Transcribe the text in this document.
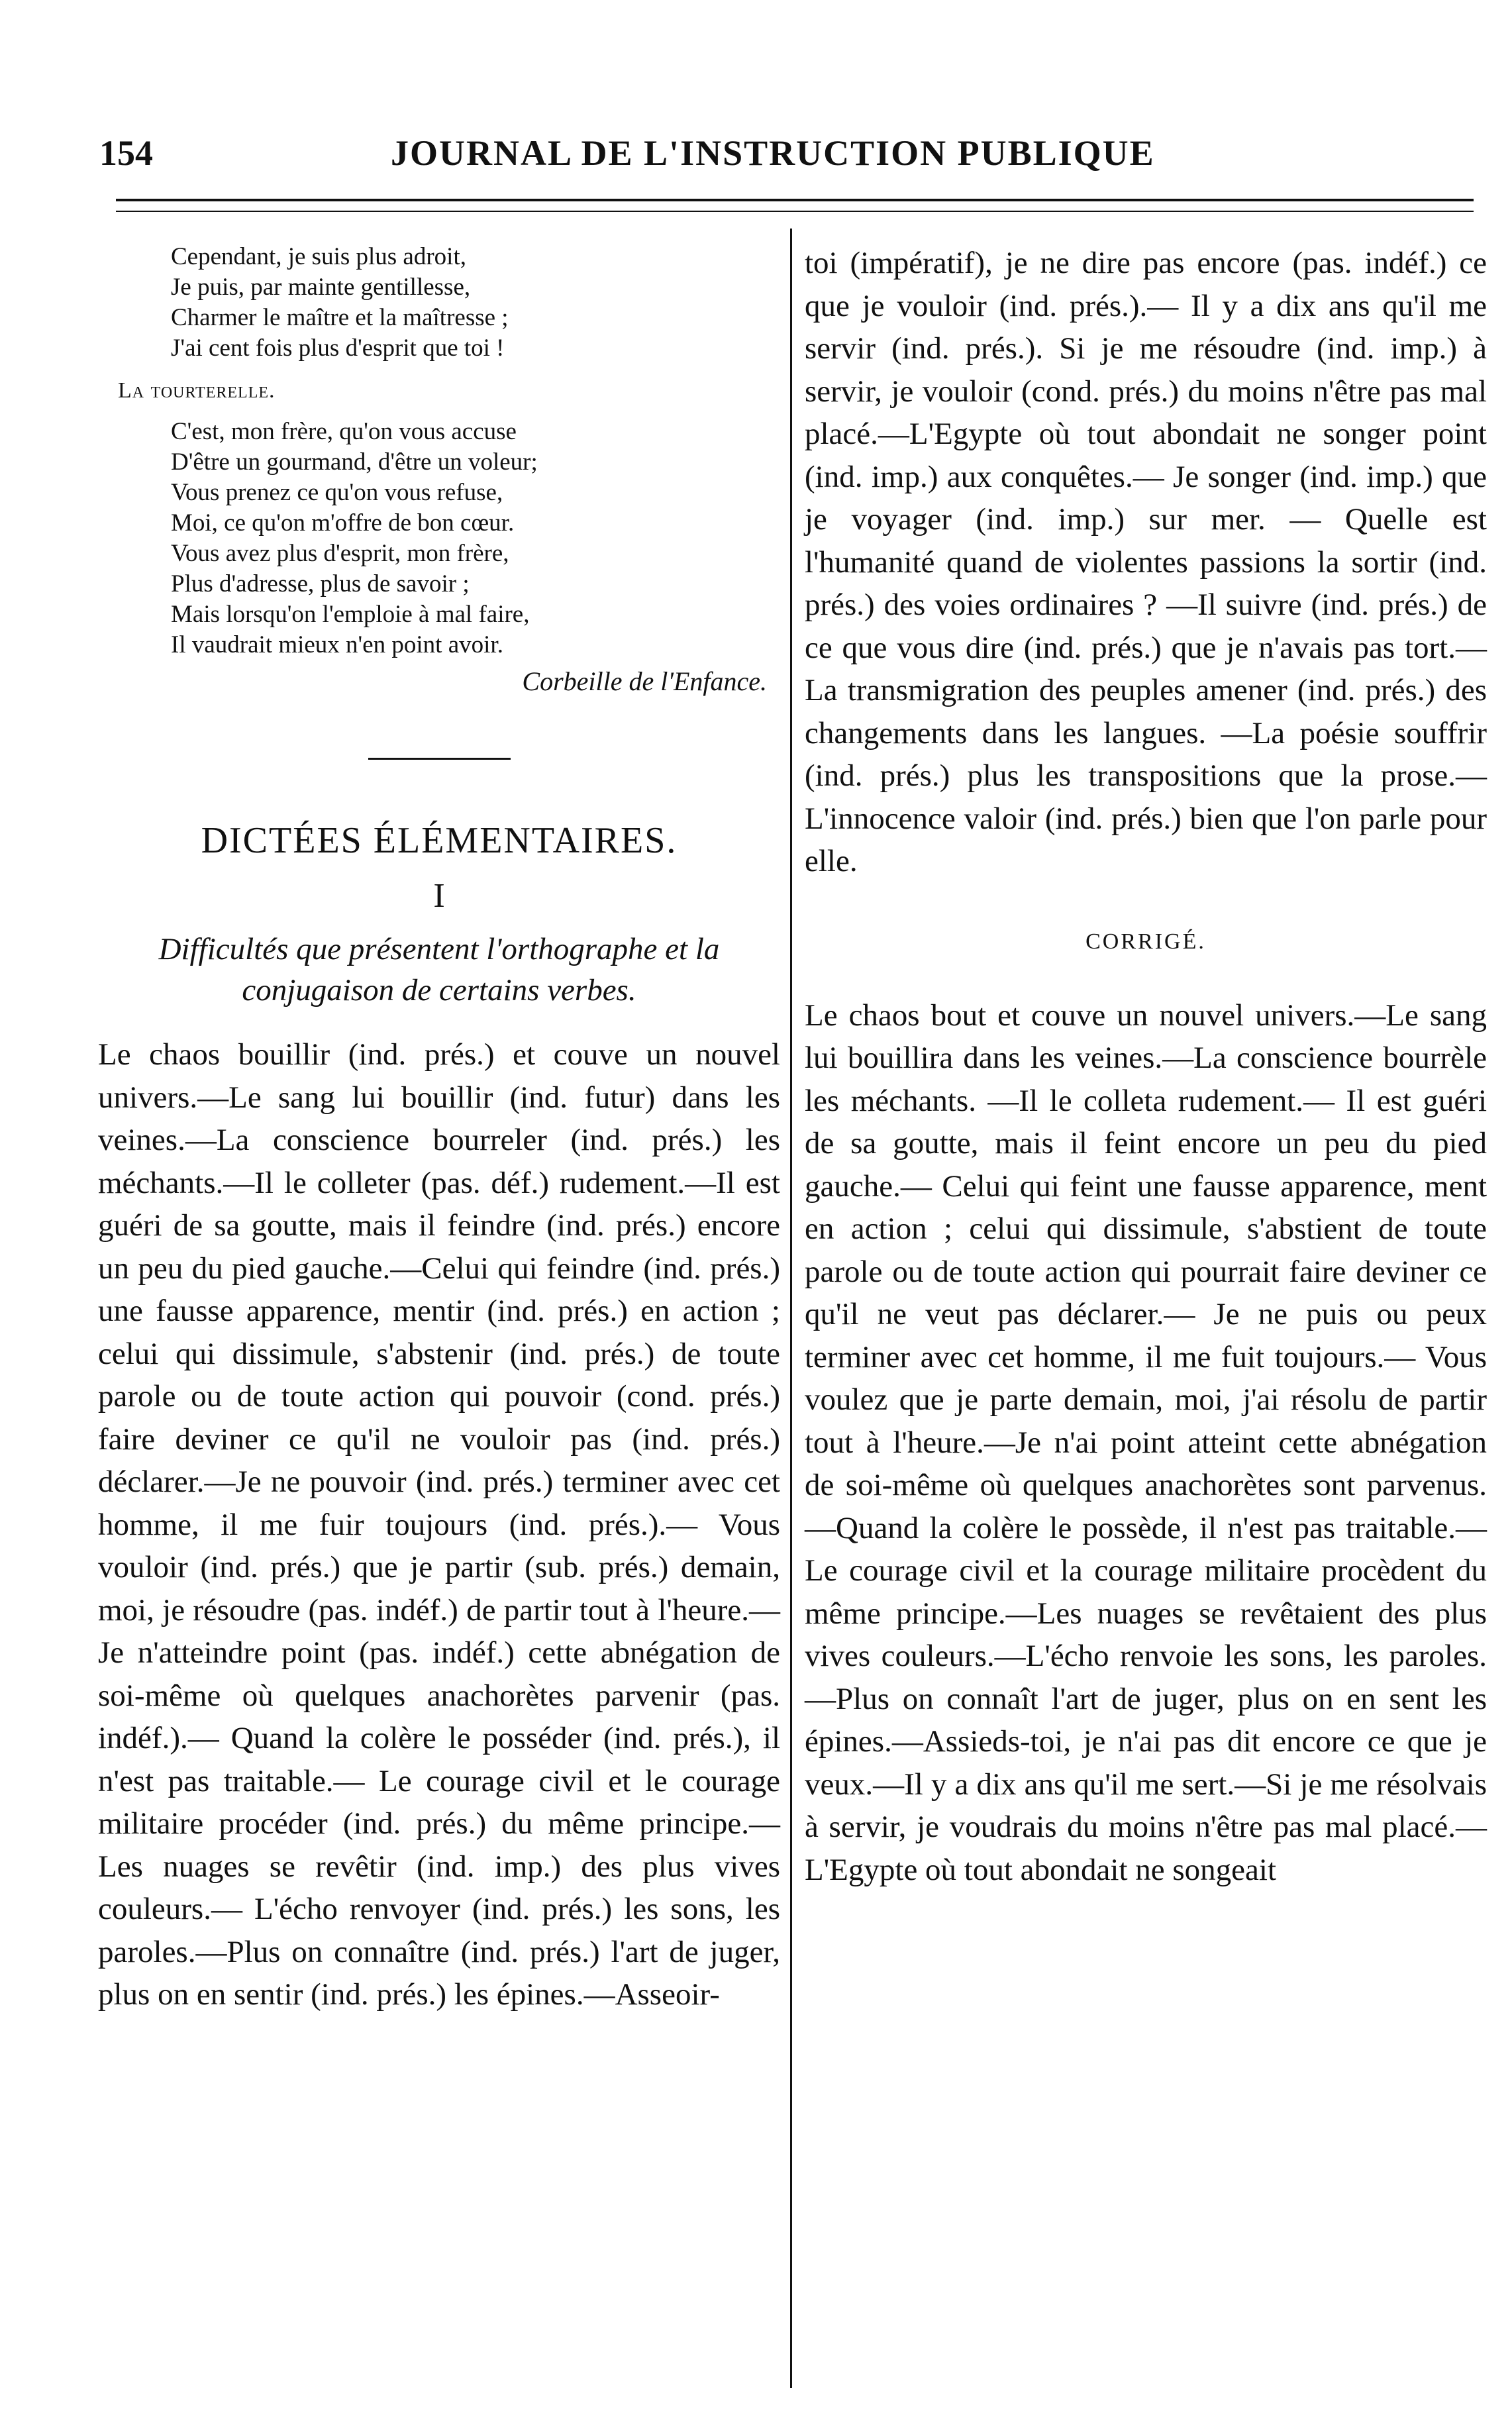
154	JOURNAL DE L'INSTRUCTION PUBLIQUE
Cependant, je suis plus adroit,
Je puis, par mainte gentillesse,
Charmer le maître et la maîtresse ;
J'ai cent fois plus d'esprit que toi !
La tourterelle.
C'est, mon frère, qu'on vous accuse
D'être un gourmand, d'être un voleur;
Vous prenez ce qu'on vous refuse,
Moi, ce qu'on m'offre de bon cœur.
Vous avez plus d'esprit, mon frère,
Plus d'adresse, plus de savoir ;
Mais lorsqu'on l'emploie à mal faire,
Il vaudrait mieux n'en point avoir.
Corbeille de l'Enfance.
DICTÉES ÉLÉMENTAIRES.
I
Difficultés que présentent l'orthographe et la conjugaison de certains verbes.
Le chaos bouillir (ind. prés.) et couve un nouvel univers.—Le sang lui bouillir (ind. futur) dans les veines.—La conscience bourreler (ind. prés.) les méchants.—Il le colleter (pas. déf.) rudement.—Il est guéri de sa goutte, mais il feindre (ind. prés.) encore un peu du pied gauche.—Celui qui feindre (ind. prés.) une fausse apparence, mentir (ind. prés.) en action ; celui qui dissimule, s'abstenir (ind. prés.) de toute parole ou de toute action qui pouvoir (cond. prés.) faire deviner ce qu'il ne vouloir pas (ind. prés.) déclarer.—Je ne pouvoir (ind. prés.) terminer avec cet homme, il me fuir toujours (ind. prés.).— Vous vouloir (ind. prés.) que je partir (sub. prés.) demain, moi, je résoudre (pas. indéf.) de partir tout à l'heure.—Je n'atteindre point (pas. indéf.) cette abnégation de soi-même où quelques anachorètes parvenir (pas. indéf.).— Quand la colère le posséder (ind. prés.), il n'est pas traitable.— Le courage civil et le courage militaire procéder (ind. prés.) du même principe.— Les nuages se revêtir (ind. imp.) des plus vives couleurs.— L'écho renvoyer (ind. prés.) les sons, les paroles.—Plus on connaître (ind. prés.) l'art de juger, plus on en sentir (ind. prés.) les épines.—Asseoir-
toi (impératif), je ne dire pas encore (pas. indéf.) ce que je vouloir (ind. prés.).— Il y a dix ans qu'il me servir (ind. prés.). Si je me résoudre (ind. imp.) à servir, je vouloir (cond. prés.) du moins n'être pas mal placé.—L'Egypte où tout abondait ne songer point (ind. imp.) aux conquêtes.— Je songer (ind. imp.) que je voyager (ind. imp.) sur mer. — Quelle est l'humanité quand de violentes passions la sortir (ind. prés.) des voies ordinaires ? —Il suivre (ind. prés.) de ce que vous dire (ind. prés.) que je n'avais pas tort.—La transmigration des peuples amener (ind. prés.) des changements dans les langues. —La poésie souffrir (ind. prés.) plus les transpositions que la prose.—L'innocence valoir (ind. prés.) bien que l'on parle pour elle.
CORRIGÉ.
Le chaos bout et couve un nouvel univers.—Le sang lui bouillira dans les veines.—La conscience bourrèle les méchants. —Il le colleta rudement.— Il est guéri de sa goutte, mais il feint encore un peu du pied gauche.— Celui qui feint une fausse apparence, ment en action ; celui qui dissimule, s'abstient de toute parole ou de toute action qui pourrait faire deviner ce qu'il ne veut pas déclarer.— Je ne puis ou peux terminer avec cet homme, il me fuit toujours.— Vous voulez que je parte demain, moi, j'ai résolu de partir tout à l'heure.—Je n'ai point atteint cette abnégation de soi-même où quelques anachorètes sont parvenus.—Quand la colère le possède, il n'est pas traitable.—Le courage civil et la courage militaire procèdent du même principe.—Les nuages se revêtaient des plus vives couleurs.—L'écho renvoie les sons, les paroles.—Plus on connaît l'art de juger, plus on en sent les épines.—Assieds-toi, je n'ai pas dit encore ce que je veux.—Il y a dix ans qu'il me sert.—Si je me résolvais à servir, je voudrais du moins n'être pas mal placé.— L'Egypte où tout abondait ne songeait
